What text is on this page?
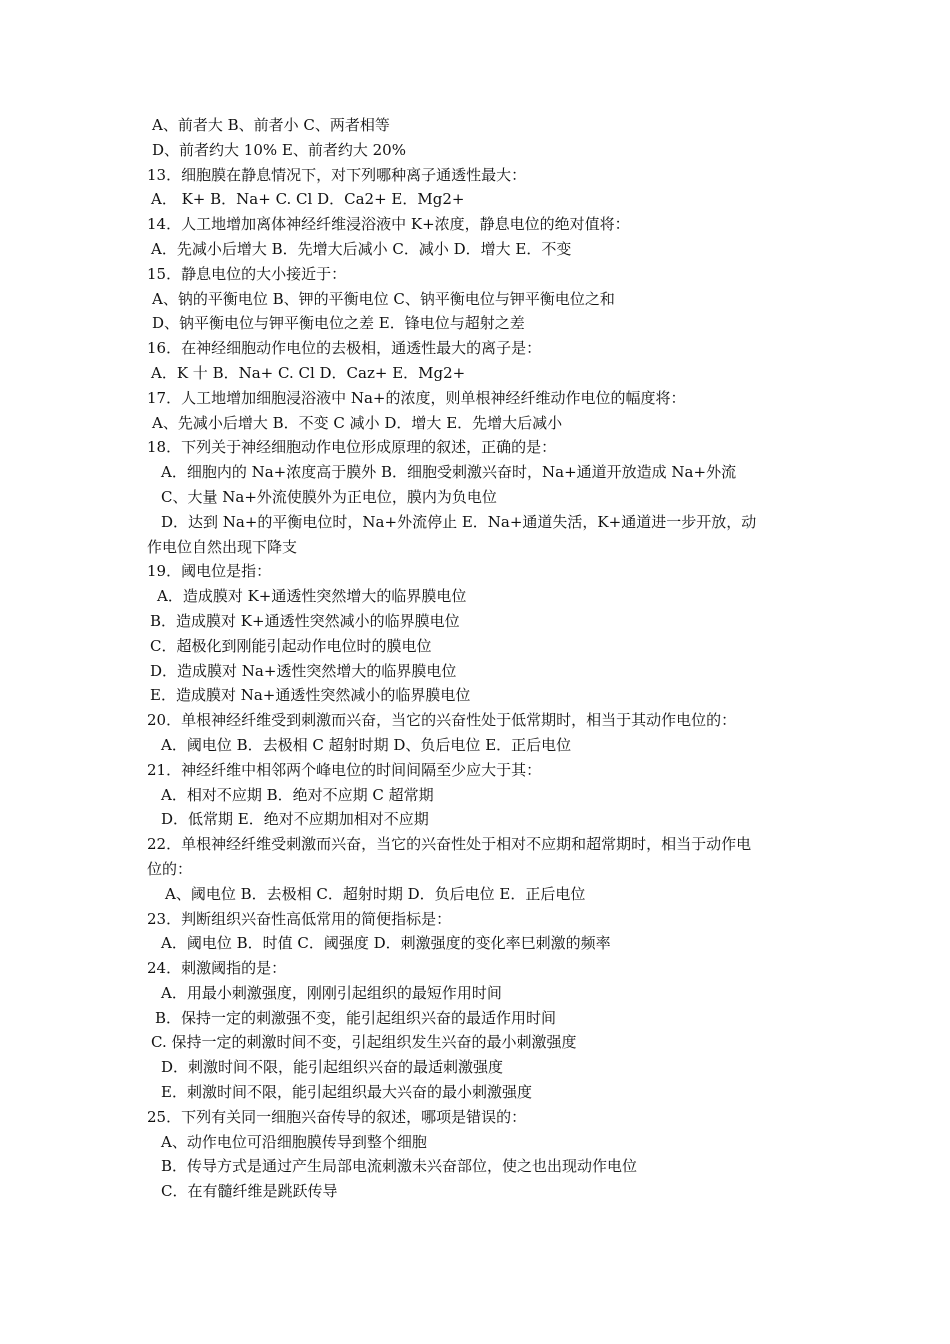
A、前者大 B、前者小 C、两者相等
D、前者约大 10% E、前者约大 20%
13．细胞膜在静息情况下，对下列哪种离子通透性最大：
A． K+ B．Na+ C. Cl D．Ca2+ E．Mg2+
14．人工地增加离体神经纤维浸浴液中 K+浓度，静息电位的绝对值将：
A．先减小后增大 B．先增大后减小 C．减小 D．增大 E．不变
15．静息电位的大小接近于：
A、钠的平衡电位 B、钾的平衡电位 C、钠平衡电位与钾平衡电位之和
D、钠平衡电位与钾平衡电位之差 E．锋电位与超射之差
16．在神经细胞动作电位的去极相，通透性最大的离子是：
A．K 十 B．Na+ C. Cl D．Caz+ E．Mg2+
17．人工地增加细胞浸浴液中 Na+的浓度，则单根神经纤维动作电位的幅度将：
A、先减小后增大 B．不变 C 减小 D．增大 E．先增大后减小
18．下列关于神经细胞动作电位形成原理的叙述，正确的是：
A．细胞内的 Na+浓度高于膜外 B．细胞受刺激兴奋时，Na+通道开放造成 Na+外流
C、大量 Na+外流使膜外为正电位，膜内为负电位
D．达到 Na+的平衡电位时，Na+外流停止 E．Na+通道失活，K+通道进一步开放，动
作电位自然出现下降支
19．阈电位是指：
A．造成膜对 K+通透性突然增大的临界膜电位
B．造成膜对 K+通透性突然减小的临界膜电位
C．超极化到刚能引起动作电位时的膜电位
D．造成膜对 Na+透性突然增大的临界膜电位
E．造成膜对 Na+通透性突然减小的临界膜电位
20．单根神经纤维受到刺激而兴奋，当它的兴奋性处于低常期时，相当于其动作电位的：
A．阈电位 B．去极相 C 超射时期 D、负后电位 E．正后电位
21．神经纤维中相邻两个峰电位的时间间隔至少应大于其：
A．相对不应期 B．绝对不应期 C 超常期
D．低常期 E．绝对不应期加相对不应期
22．单根神经纤维受刺激而兴奋，当它的兴奋性处于相对不应期和超常期时，相当于动作电
位的：
A、阈电位 B．去极相 C．超射时期 D．负后电位 E．正后电位
23．判断组织兴奋性高低常用的简便指标是：
A．阈电位 B．时值 C．阈强度 D．刺激强度的变化率巳刺激的频率
24．刺激阈指的是：
A．用最小刺激强度，刚刚引起组织的最短作用时间
B．保持一定的刺激强不变，能引起组织兴奋的最适作用时间
C. 保持一定的刺激时间不变，引起组织发生兴奋的最小刺激强度
D．刺激时间不限，能引起组织兴奋的最适刺激强度
E．刺激时间不限，能引起组织最大兴奋的最小刺激强度
25．下列有关同一细胞兴奋传导的叙述，哪项是错误的：
A、动作电位可沿细胞膜传导到整个细胞
B．传导方式是通过产生局部电流刺激未兴奋部位，使之也出现动作电位
C．在有髓纤维是跳跃传导
